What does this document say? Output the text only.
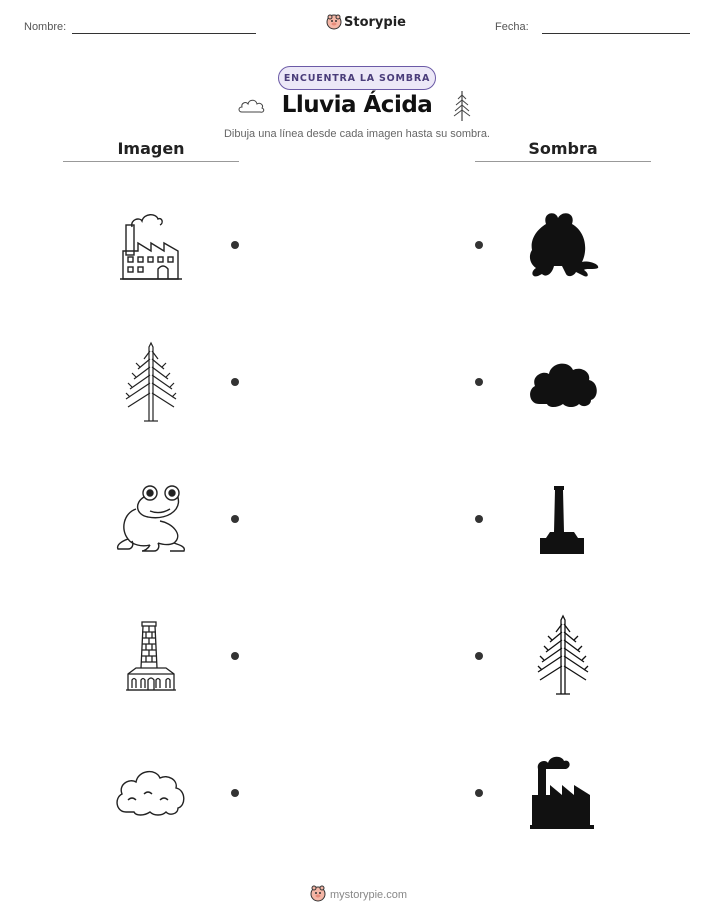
Nombre:	Storypie	Fecha:
ENCUENTRA LA SOMBRA
Lluvia Ácida
Dibuja una línea desde cada imagen hasta su sombra.
Imagen	Sombra
mystorypie.com
